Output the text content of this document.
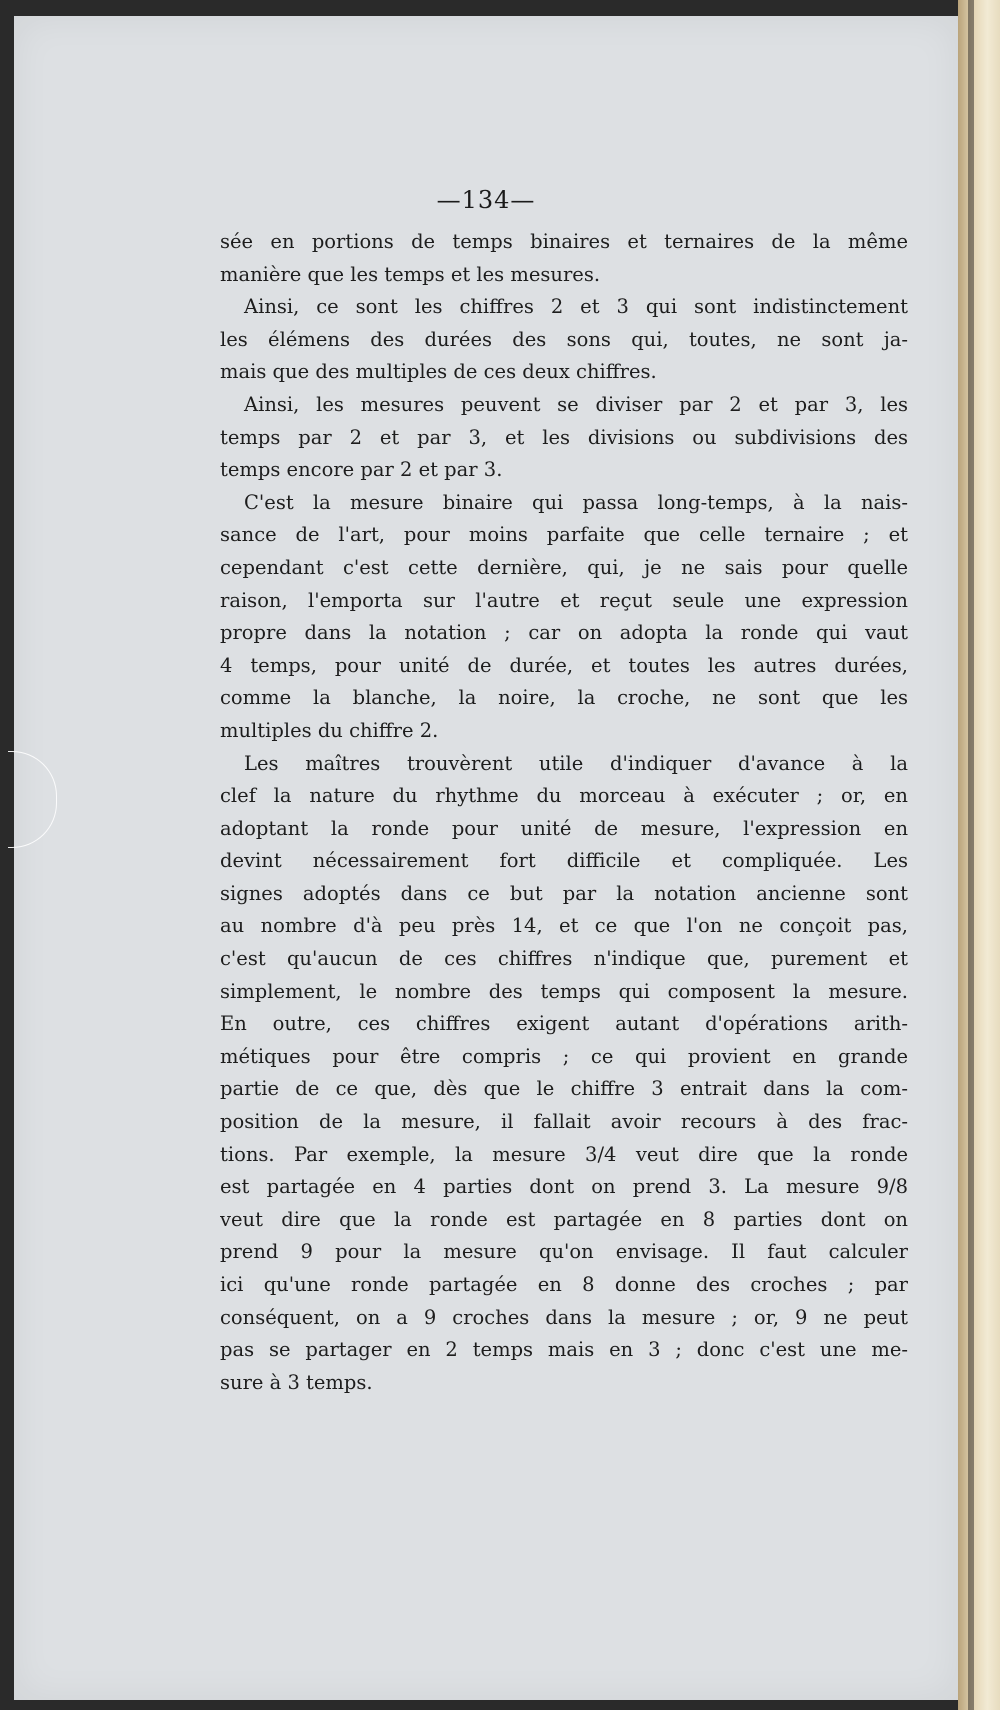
—134—
sée en portions de temps binaires et ternaires de la même
manière que les temps et les mesures.
Ainsi, ce sont les chiffres 2 et 3 qui sont indistinctement
les élémens des durées des sons qui, toutes, ne sont ja-
mais que des multiples de ces deux chiffres.
Ainsi, les mesures peuvent se diviser par 2 et par 3, les
temps par 2 et par 3, et les divisions ou subdivisions des
temps encore par 2 et par 3.
C'est la mesure binaire qui passa long-temps, à la nais-
sance de l'art, pour moins parfaite que celle ternaire ; et
cependant c'est cette dernière, qui, je ne sais pour quelle
raison, l'emporta sur l'autre et reçut seule une expression
propre dans la notation ; car on adopta la ronde qui vaut
4 temps, pour unité de durée, et toutes les autres durées,
comme la blanche, la noire, la croche, ne sont que les
multiples du chiffre 2.
Les maîtres trouvèrent utile d'indiquer d'avance à la
clef la nature du rhythme du morceau à exécuter ; or, en
adoptant la ronde pour unité de mesure, l'expression en
devint nécessairement fort difficile et compliquée. Les
signes adoptés dans ce but par la notation ancienne sont
au nombre d'à peu près 14, et ce que l'on ne conçoit pas,
c'est qu'aucun de ces chiffres n'indique que, purement et
simplement, le nombre des temps qui composent la mesure.
En outre, ces chiffres exigent autant d'opérations arith-
métiques pour être compris ; ce qui provient en grande
partie de ce que, dès que le chiffre 3 entrait dans la com-
position de la mesure, il fallait avoir recours à des frac-
tions. Par exemple, la mesure 3/4 veut dire que la ronde
est partagée en 4 parties dont on prend 3. La mesure 9/8
veut dire que la ronde est partagée en 8 parties dont on
prend 9 pour la mesure qu'on envisage. Il faut calculer
ici qu'une ronde partagée en 8 donne des croches ; par
conséquent, on a 9 croches dans la mesure ; or, 9 ne peut
pas se partager en 2 temps mais en 3 ; donc c'est une me-
sure à 3 temps.
